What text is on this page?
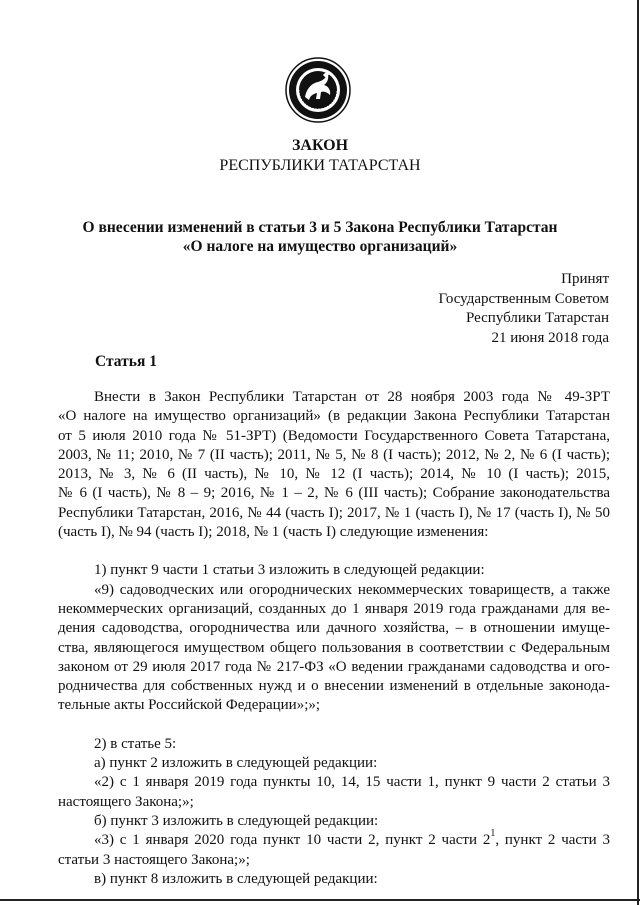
ЗАКОН
РЕСПУБЛИКИ ТАТАРСТАН
О внесении изменений в статьи 3 и 5 Закона Республики Татарстан
«О налоге на имущество организаций»
Принят
Государственным Советом
Республики Татарстан
21 июня 2018 года
Статья 1
Внести в Закон Республики Татарстан от 28 ноября 2003 года № 49-ЗРТ
«О налоге на имущество организаций» (в редакции Закона Республики Татарстан
от 5 июля 2010 года № 51-ЗРТ) (Ведомости Государственного Совета Татарстана,
2003, № 11; 2010, № 7 (II часть); 2011, № 5, № 8 (I часть); 2012, № 2, № 6 (I часть);
2013, № 3, № 6 (II часть), № 10, № 12 (I часть); 2014, № 10 (I часть); 2015,
№ 6 (I часть), № 8 – 9; 2016, № 1 – 2, № 6 (III часть); Собрание законодательства
Республики Татарстан, 2016, № 44 (часть I); 2017, № 1 (часть I), № 17 (часть I), № 50
(часть I), № 94 (часть I); 2018, № 1 (часть I) следующие изменения:
1) пункт 9 части 1 статьи 3 изложить в следующей редакции:
«9) садоводческих или огороднических некоммерческих товариществ, а также
некоммерческих организаций, созданных до 1 января 2019 года гражданами для ве-
дения садоводства, огородничества или дачного хозяйства, – в отношении имуще-
ства, являющегося имуществом общего пользования в соответствии с Федеральным
законом от 29 июля 2017 года № 217-ФЗ «О ведении гражданами садоводства и ого-
родничества для собственных нужд и о внесении изменений в отдельные законода-
тельные акты Российской Федерации»;»;
2) в статье 5:
а) пункт 2 изложить в следующей редакции:
«2) с 1 января 2019 года пункты 10, 14, 15 части 1, пункт 9 части 2 статьи 3
настоящего Закона;»;
б) пункт 3 изложить в следующей редакции:
«3) с 1 января 2020 года пункт 10 части 2, пункт 2 части $2^1$, пункт 2 части 3
статьи 3 настоящего Закона;»;
в) пункт 8 изложить в следующей редакции:
